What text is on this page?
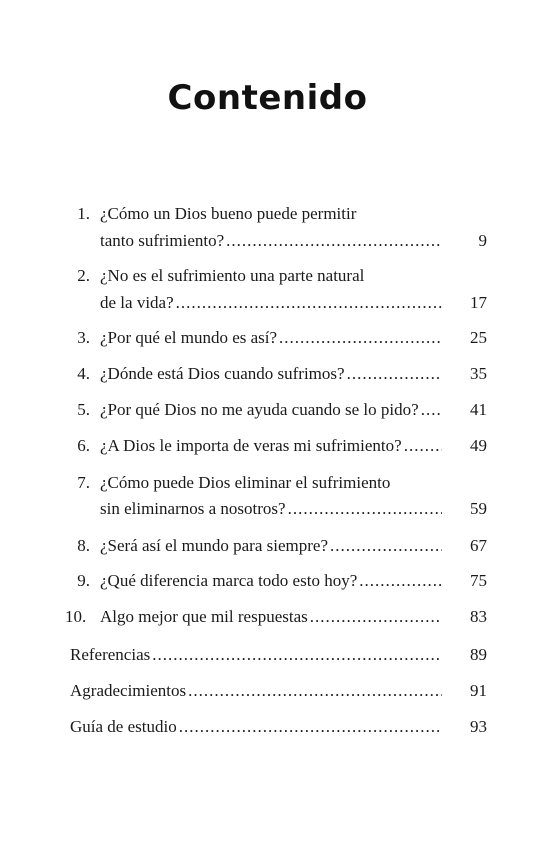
Contenido
1. ¿Cómo un Dios bueno puede permitir
tanto sufrimiento? .....	9
2. ¿No es el sufrimiento una parte natural
de la vida? .....	17
3. ¿Por qué el mundo es así? .....	25
4. ¿Dónde está Dios cuando sufrimos? .....	35
5. ¿Por qué Dios no me ayuda cuando se lo pido? .....	41
6. ¿A Dios le importa de veras mi sufrimiento? .....	49
7. ¿Cómo puede Dios eliminar el sufrimiento
sin eliminarnos a nosotros? .....	59
8. ¿Será así el mundo para siempre? .....	67
9. ¿Qué diferencia marca todo esto hoy? .....	75
10. Algo mejor que mil respuestas .....	83
Referencias .....	89
Agradecimientos .....	91
Guía de estudio .....	93
